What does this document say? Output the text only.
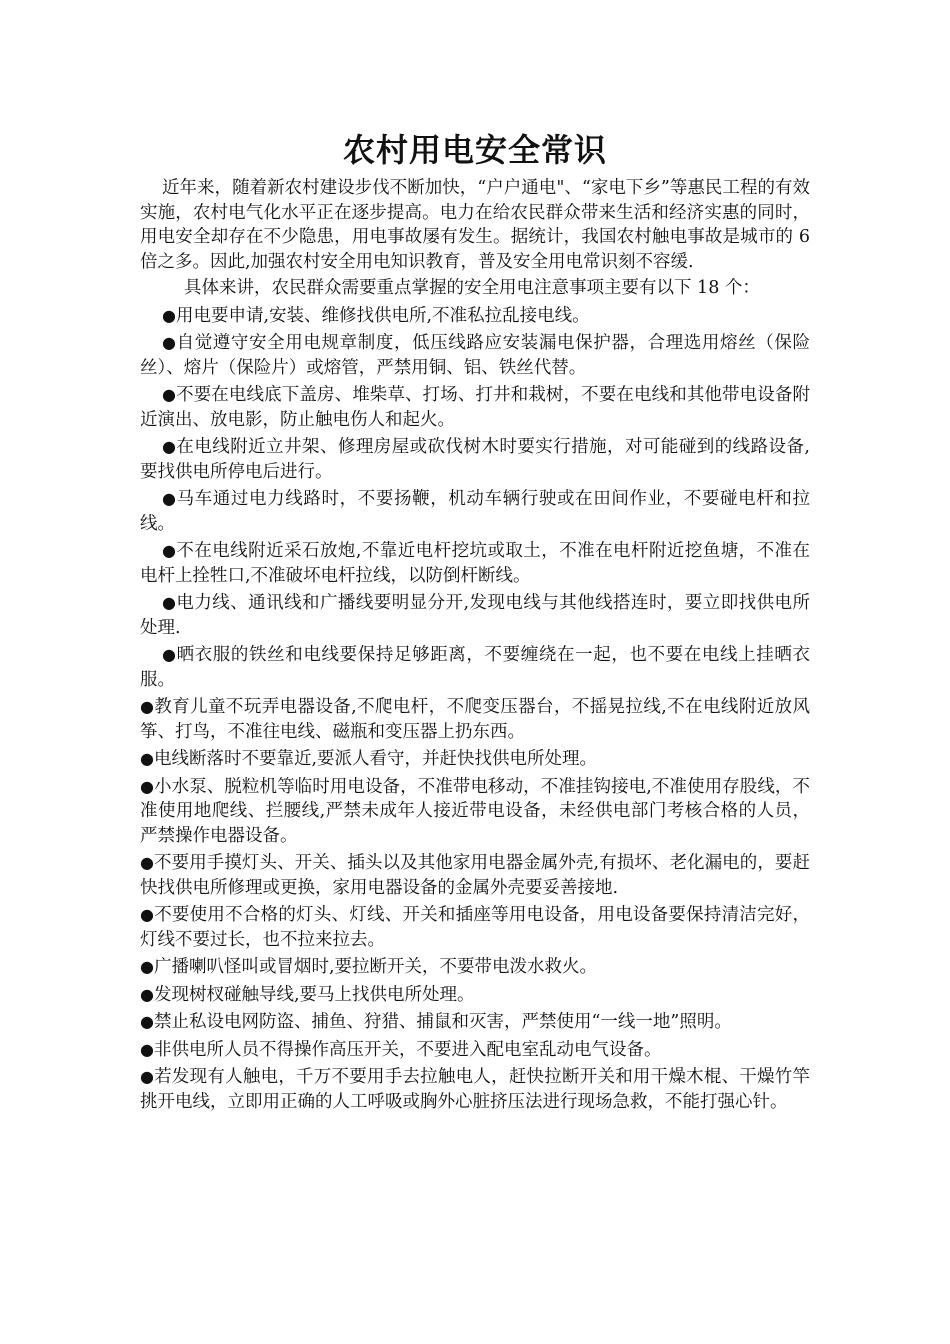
农村用电安全常识

近年来，随着新农村建设步伐不断加快，“户户通电"、“家电下乡”等惠民工程的有效实施，农村电气化水平正在逐步提高。电力在给农民群众带来生活和经济实惠的同时，用电安全却存在不少隐患，用电事故屡有发生。据统计，我国农村触电事故是城市的 6 倍之多。因此,加强农村安全用电知识教育，普及安全用电常识刻不容缓.

具体来讲，农民群众需要重点掌握的安全用电注意事项主要有以下 18 个：

●用电要申请,安装、维修找供电所,不准私拉乱接电线。

●自觉遵守安全用电规章制度，低压线路应安装漏电保护器，合理选用熔丝（保险丝）、熔片（保险片）或熔管，严禁用铜、铝、铁丝代替。

●不要在电线底下盖房、堆柴草、打场、打井和栽树，不要在电线和其他带电设备附近演出、放电影，防止触电伤人和起火。

●在电线附近立井架、修理房屋或砍伐树木时要实行措施，对可能碰到的线路设备,要找供电所停电后进行。

●马车通过电力线路时，不要扬鞭，机动车辆行驶或在田间作业，不要碰电杆和拉线。

●不在电线附近采石放炮,不靠近电杆挖坑或取土，不准在电杆附近挖鱼塘，不准在电杆上拴牲口,不准破坏电杆拉线，以防倒杆断线。

●电力线、通讯线和广播线要明显分开,发现电线与其他线搭连时，要立即找供电所处理.

●晒衣服的铁丝和电线要保持足够距离，不要缠绕在一起，也不要在电线上挂晒衣服。

●教育儿童不玩弄电器设备,不爬电杆，不爬变压器台，不摇晃拉线,不在电线附近放风筝、打鸟，不准往电线、磁瓶和变压器上扔东西。

●电线断落时不要靠近,要派人看守，并赶快找供电所处理。

●小水泵、脱粒机等临时用电设备，不准带电移动，不准挂钩接电,不准使用存股线，不准使用地爬线、拦腰线,严禁未成年人接近带电设备，未经供电部门考核合格的人员，严禁操作电器设备。

●不要用手摸灯头、开关、插头以及其他家用电器金属外壳,有损坏、老化漏电的，要赶快找供电所修理或更换，家用电器设备的金属外壳要妥善接地.

●不要使用不合格的灯头、灯线、开关和插座等用电设备，用电设备要保持清洁完好，灯线不要过长，也不拉来拉去。

●广播喇叭怪叫或冒烟时,要拉断开关，不要带电泼水救火。

●发现树杈碰触导线,要马上找供电所处理。

●禁止私设电网防盗、捕鱼、狩猎、捕鼠和灭害，严禁使用“一线一地”照明。

●非供电所人员不得操作高压开关，不要进入配电室乱动电气设备。

●若发现有人触电，千万不要用手去拉触电人，赶快拉断开关和用干燥木棍、干燥竹竿挑开电线，立即用正确的人工呼吸或胸外心脏挤压法进行现场急救，不能打强心针。
